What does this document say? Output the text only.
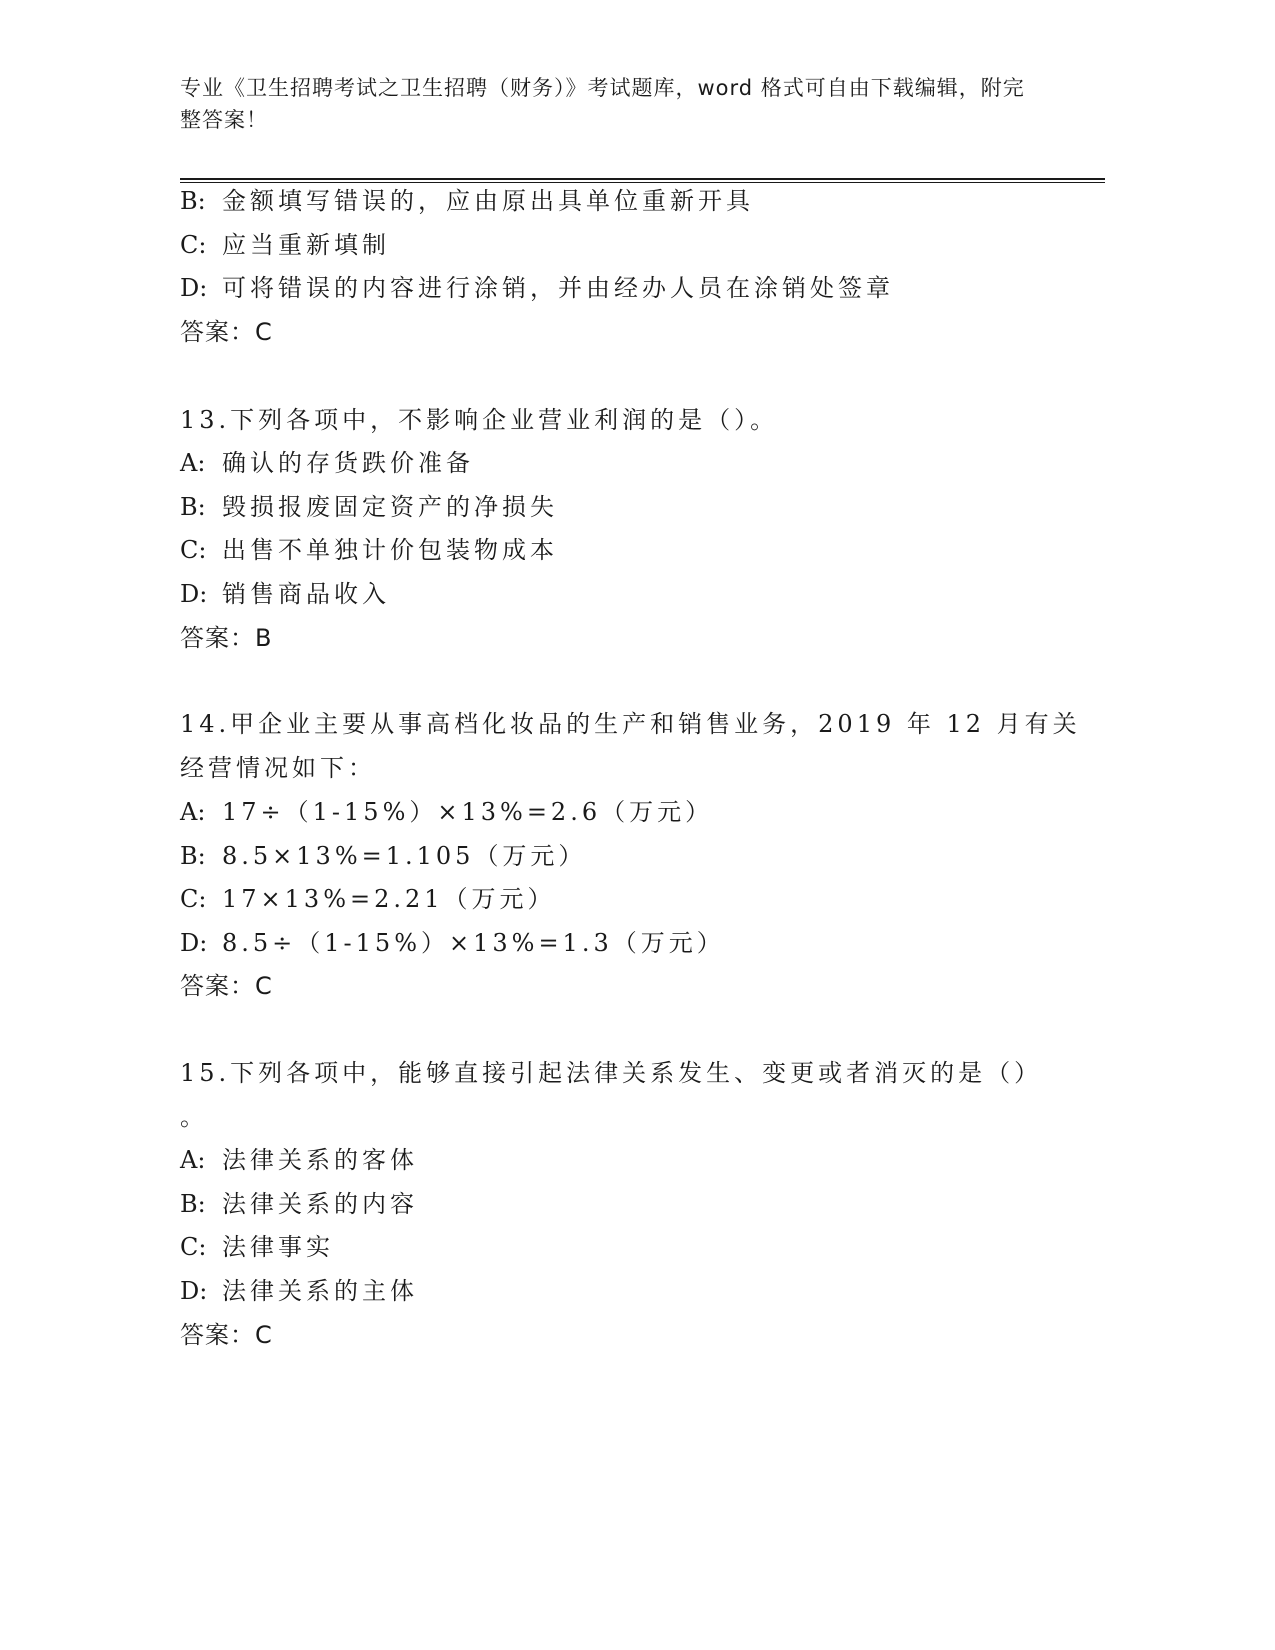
专业《卫生招聘考试之卫生招聘（财务）》考试题库，word 格式可自由下载编辑，附完整答案！
B: 金额填写错误的，应由原出具单位重新开具
C: 应当重新填制
D: 可将错误的内容进行涂销，并由经办人员在涂销处签章
答案：C
13.下列各项中，不影响企业营业利润的是（）。
A: 确认的存货跌价准备
B: 毁损报废固定资产的净损失
C: 出售不单独计价包装物成本
D: 销售商品收入
答案：B
14.甲企业主要从事高档化妆品的生产和销售业务，2019 年 12 月有关
经营情况如下：
A: 17÷（1-15%）×13%=2.6（万元）
B: 8.5×13%=1.105（万元）
C: 17×13%=2.21（万元）
D: 8.5÷（1-15%）×13%=1.3（万元）
答案：C
15.下列各项中，能够直接引起法律关系发生、变更或者消灭的是（）
。
A: 法律关系的客体
B: 法律关系的内容
C: 法律事实
D: 法律关系的主体
答案：C
